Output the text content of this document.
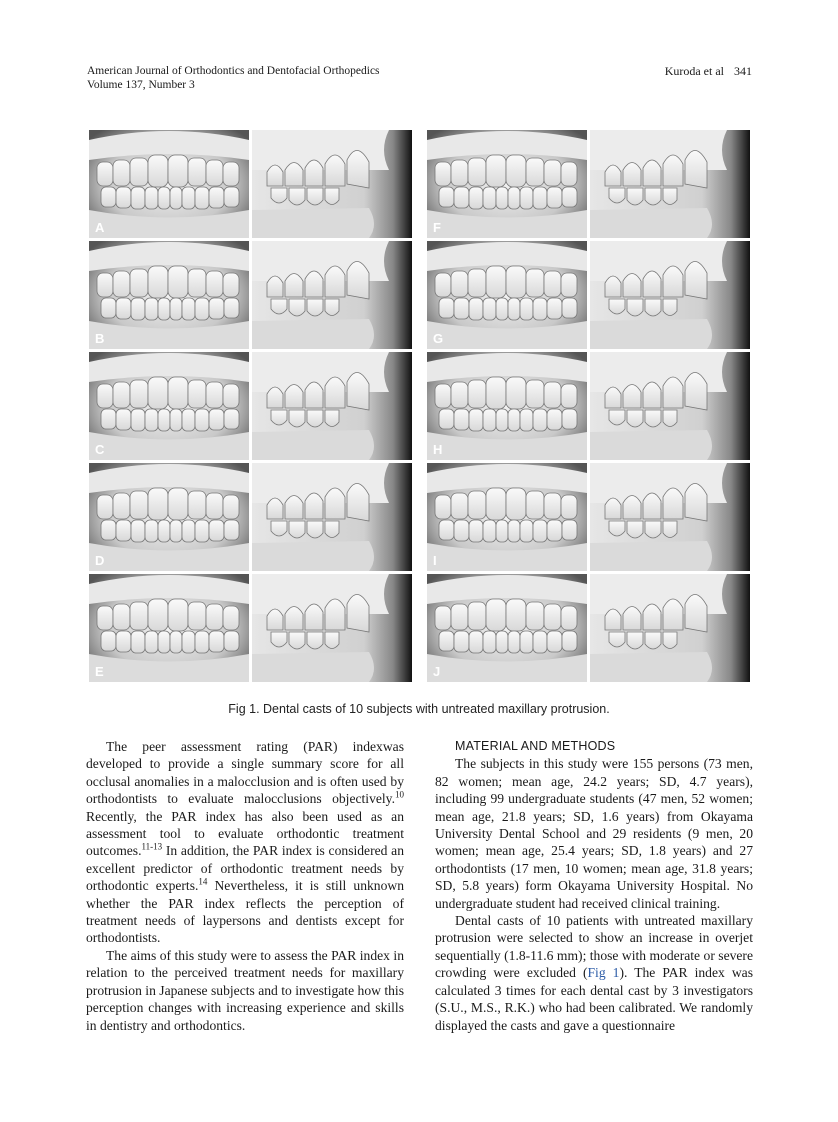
American Journal of Orthodontics and Dentofacial Orthopedics
Volume 137, Number 3
Kuroda et al 341
A
B
C
D
E
F
G
H
I
J
Fig 1. Dental casts of 10 subjects with untreated maxillary protrusion.

The peer assessment rating (PAR) indexwas developed to provide a single summary score for all occlusal anomalies in a malocclusion and is often used by orthodontists to evaluate malocclusions objectively.$^{10}$ Recently, the PAR index has also been used as an assessment tool to evaluate orthodontic treatment outcomes.$^{11-13}$ In addition, the PAR index is considered an excellent predictor of orthodontic treatment needs by orthodontic experts.$^{14}$ Nevertheless, it is still unknown whether the PAR index reflects the perception of treatment needs of laypersons and dentists except for orthodontists.

The aims of this study were to assess the PAR index in relation to the perceived treatment needs for maxillary protrusion in Japanese subjects and to investigate how this perception changes with increasing experience and skills in dentistry and orthodontics.

MATERIAL AND METHODS

The subjects in this study were 155 persons (73 men, 82 women; mean age, 24.2 years; SD, 4.7 years), including 99 undergraduate students (47 men, 52 women; mean age, 21.8 years; SD, 1.6 years) from Okayama University Dental School and 29 residents (9 men, 20 women; mean age, 25.4 years; SD, 1.8 years) and 27 orthodontists (17 men, 10 women; mean age, 31.8 years; SD, 5.8 years) form Okayama University Hospital. No undergraduate student had received clinical training.

Dental casts of 10 patients with untreated maxillary protrusion were selected to show an increase in overjet sequentially (1.8-11.6 mm); those with moderate or severe crowding were excluded (Fig 1). The PAR index was calculated 3 times for each dental cast by 3 investigators (S.U., M.S., R.K.) who had been calibrated. We randomly displayed the casts and gave a questionnaire
